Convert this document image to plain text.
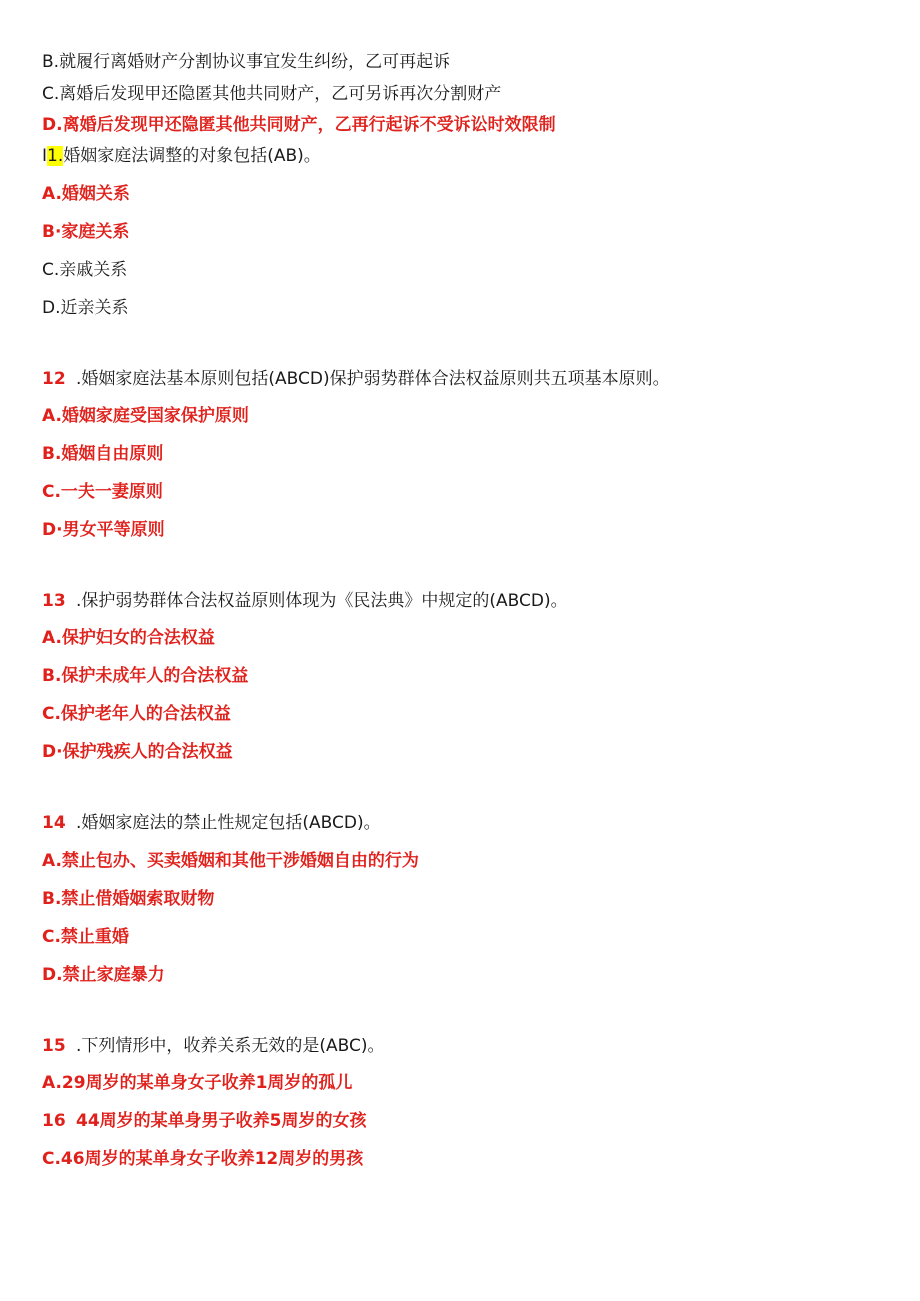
B.就履行离婚财产分割协议事宜发生纠纷，乙可再起诉
C.离婚后发现甲还隐匿其他共同财产，乙可另诉再次分割财产
D.离婚后发现甲还隐匿其他共同财产，乙再行起诉不受诉讼时效限制
I1.婚姻家庭法调整的对象包括(AB)。
A.婚姻关系
B·家庭关系
C.亲戚关系
D.近亲关系
12 .婚姻家庭法基本原则包括(ABCD)保护弱势群体合法权益原则共五项基本原则。
A.婚姻家庭受国家保护原则
B.婚姻自由原则
C.一夫一妻原则
D·男女平等原则
13 .保护弱势群体合法权益原则体现为《民法典》中规定的(ABCD)。
A.保护妇女的合法权益
B.保护未成年人的合法权益
C.保护老年人的合法权益
D·保护残疾人的合法权益
14 .婚姻家庭法的禁止性规定包括(ABCD)。
A.禁止包办、买卖婚姻和其他干涉婚姻自由的行为
B.禁止借婚姻索取财物
C.禁止重婚
D.禁止家庭暴力
15 .下列情形中，收养关系无效的是(ABC)。
A.29周岁的某单身女子收养1周岁的孤儿
16 44周岁的某单身男子收养5周岁的女孩
C.46周岁的某单身女子收养12周岁的男孩
